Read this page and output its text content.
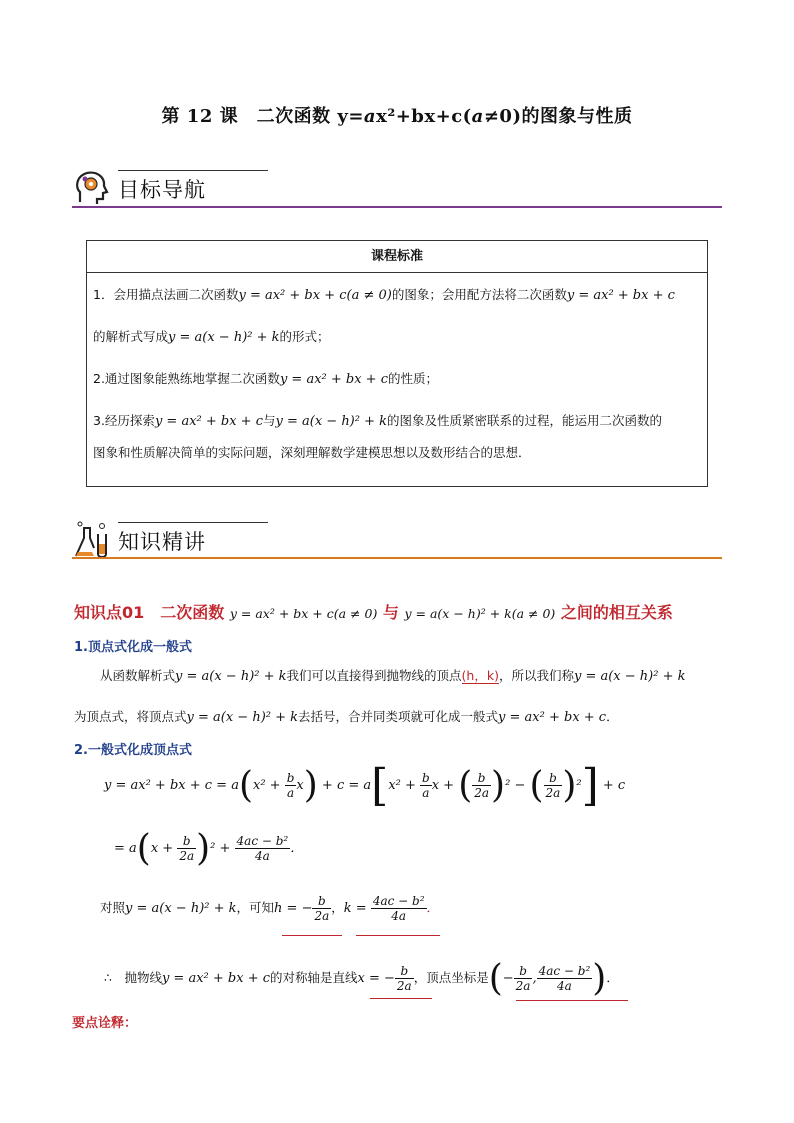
第 12 课　二次函数 y=ax²+bx+c(a≠0)的图象与性质
目标导航
课程标准
1．会用描点法画二次函数y = ax² + bx + c(a ≠ 0)的图象；会用配方法将二次函数y = ax² + bx + c
的解析式写成y = a(x − h)² + k的形式；
2.通过图象能熟练地掌握二次函数y = ax² + bx + c的性质；
3.经历探索y = ax² + bx + c与y = a(x − h)² + k的图象及性质紧密联系的过程，能运用二次函数的
图象和性质解决简单的实际问题，深刻理解数学建模思想以及数形结合的思想．
知识精讲
知识点01　二次函数 y = ax² + bx + c(a ≠ 0) 与 y = a(x − h)² + k(a ≠ 0) 之间的相互关系
1.顶点式化成一般式
从函数解析式y = a(x − h)² + k我们可以直接得到抛物线的顶点(h，k)，所以我们称y = a(x − h)² + k
为顶点式，将顶点式y = a(x − h)² + k去括号，合并同类项就可化成一般式y = ax² + bx + c．
2.一般式化成顶点式
y = ax² + bx + $c = a(x^2 + \frac{b}{a} x) + c = a[x^2 + \frac{b}{a}$ x + ( $\frac{b}{2a} )^2$ − ( $\frac{b}{2a} )^2] + c$
= $a(x + \frac{b}{2a} )^2 + \frac{\text{4ac − b²}}{4a}$ ．
对照y = a(x − h)² + k，可知h = − $\frac{b}{2a}$ ，$k = \frac{\text{4ac − b²}}{4a}$ ．
∴　抛物线y = ax² + bx + c的对称轴是直线x = − $\frac{b}{2a}$ ，顶点坐标是(− $\frac{b}{2a}$ , $\frac{\text{4ac − b²}}{4a}$ )．
要点诠释：
